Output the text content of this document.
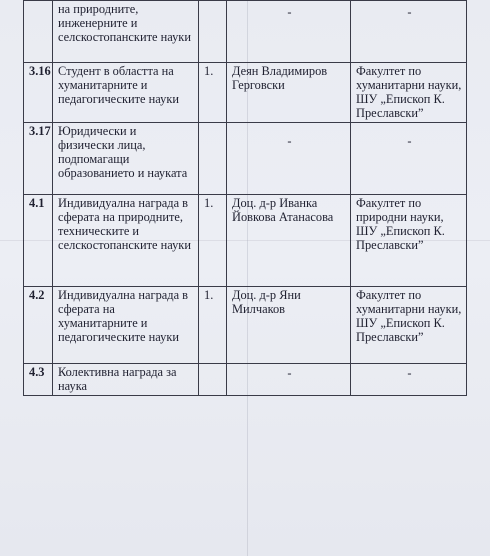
	на природните, инженерните и селскостопанските науки		-	-
3.16	Студент в областта на хуманитарните и педагогическите науки	1.	Деян Владимиров Герговски	Факултет по хуманитарни науки, ШУ „Епископ К. Преславски”
3.17	Юридически и физически лица, подпомагащи образованието и науката		-	-
4.1	Индивидуална награда в сферата на природните, техническите и селскостопанските науки	1.	Доц. д-р Иванка Йовкова Атанасова	Факултет по природни науки, ШУ „Епископ К. Преславски”
4.2	Индивидуална награда в сферата на хуманитарните и педагогическите науки	1.	Доц. д-р Яни Милчаков	Факултет по хуманитарни науки, ШУ „Епископ К. Преславски”
4.3	Колективна награда за наука		-	-
